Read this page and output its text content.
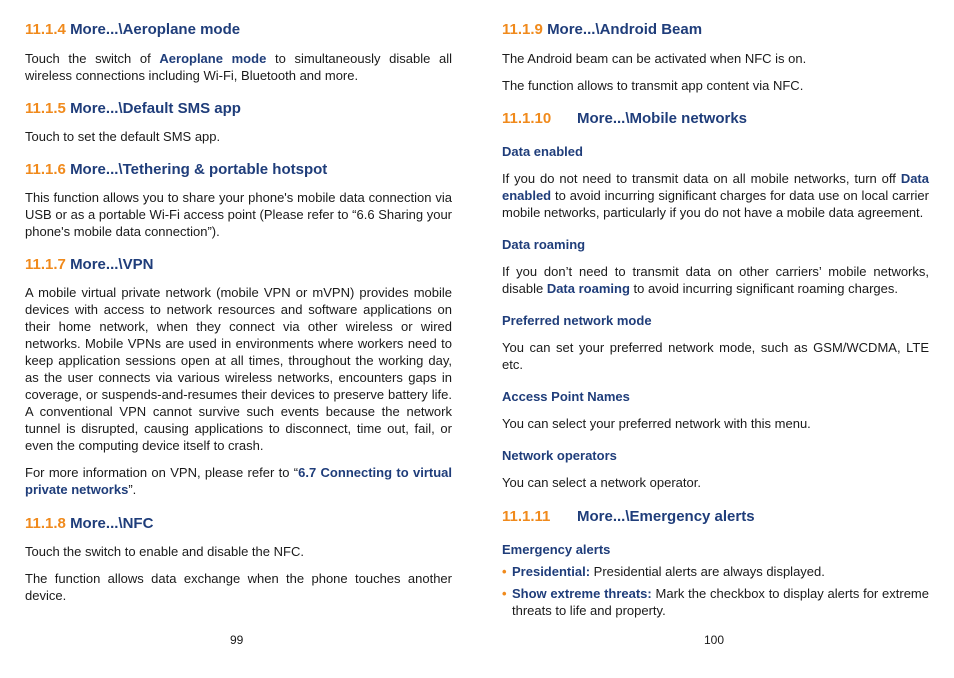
11.1.4 More...\Aeroplane mode

Touch the switch of Aeroplane mode to simultaneously disable all wireless connections including Wi-Fi, Bluetooth and more.

11.1.5 More...\Default SMS app

Touch to set the default SMS app.

11.1.6 More...\Tethering & portable hotspot

This function allows you to share your phone's mobile data connection via USB or as a portable Wi-Fi access point (Please refer to “6.6 Sharing your phone's mobile data connection”).

11.1.7 More...\VPN

A mobile virtual private network (mobile VPN or mVPN) provides mobile devices with access to network resources and software applications on their home network, when they connect via other wireless or wired networks. Mobile VPNs are used in environments where workers need to keep application sessions open at all times, throughout the working day, as the user connects via various wireless networks, encounters gaps in coverage, or suspends-and-resumes their devices to preserve battery life. A conventional VPN cannot survive such events because the network tunnel is disrupted, causing applications to disconnect, time out, fail, or even the computing device itself to crash.

For more information on VPN, please refer to “6.7 Connecting to virtual private networks”.

11.1.8 More...\NFC

Touch the switch to enable and disable the NFC.

The function allows data exchange when the phone touches another device.

99
11.1.9 More...\Android Beam

The Android beam can be activated when NFC is on.

The function allows to transmit app content via NFC.

11.1.10 More...\Mobile networks
Data enabled

If you do not need to transmit data on all mobile networks, turn off Data enabled to avoid incurring significant charges for data use on local carrier mobile networks, particularly if you do not have a mobile data agreement.

Data roaming

If you don’t need to transmit data on other carriers’ mobile networks, disable Data roaming to avoid incurring significant roaming charges.

Preferred network mode

You can set your preferred network mode, such as GSM/WCDMA, LTE etc.

Access Point Names

You can select your preferred network with this menu.

Network operators

You can select a network operator.

11.1.11 More...\Emergency alerts
Emergency alerts
• Presidential: Presidential alerts are always displayed.
• Show extreme threats: Mark the checkbox to display alerts for extreme threats to life and property.
100
